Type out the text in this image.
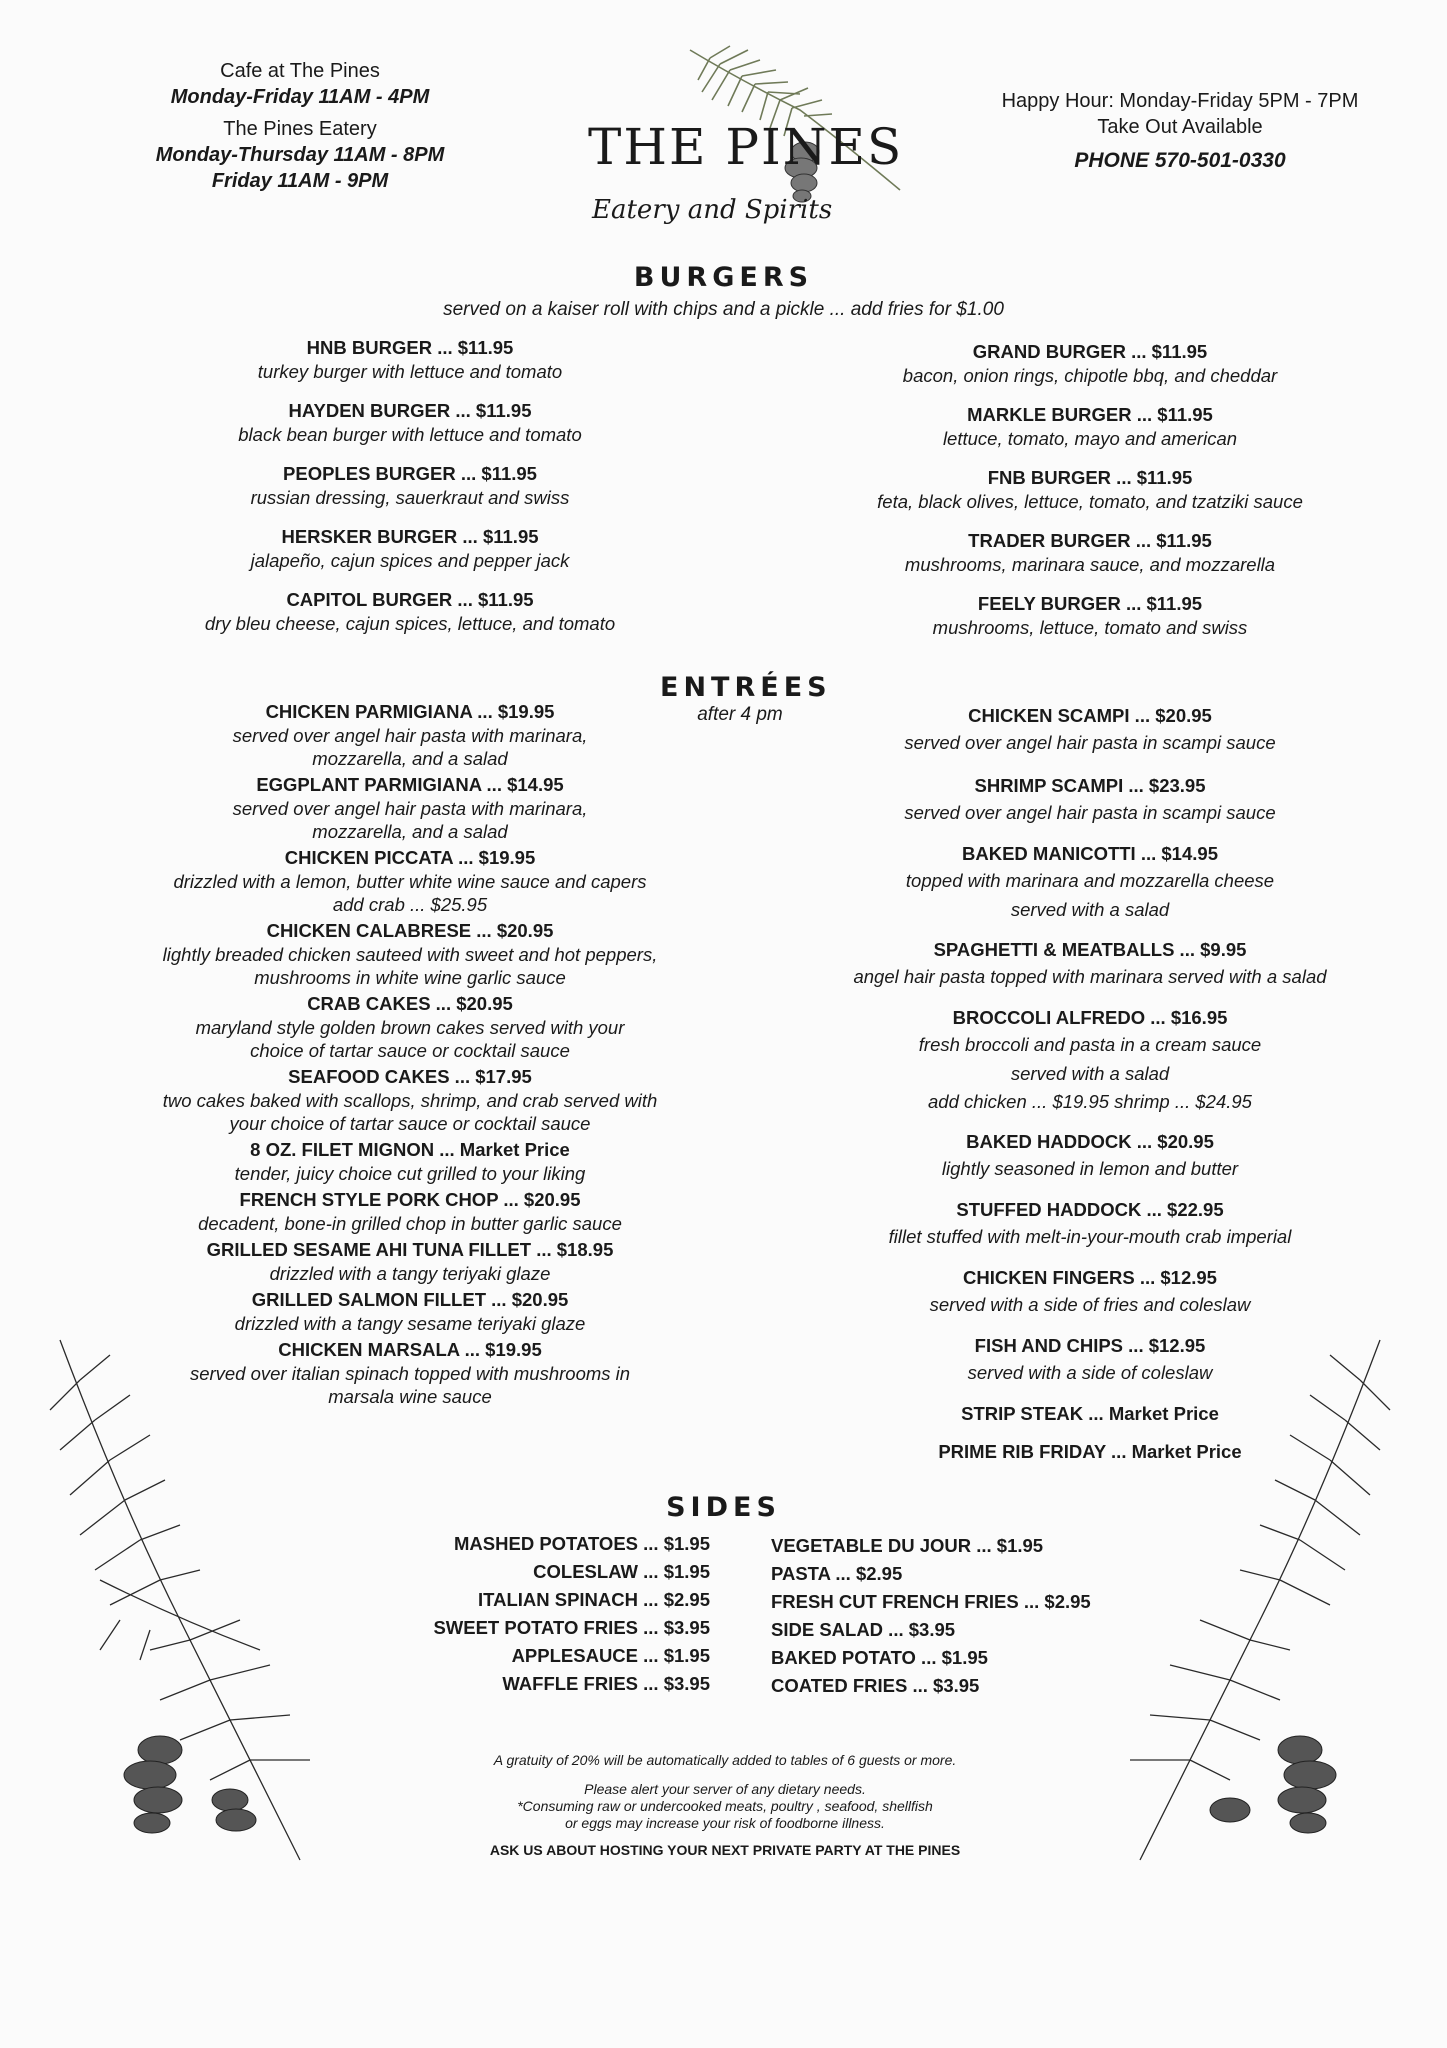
Cafe at The Pines
Monday-Friday 11AM - 4PM
The Pines Eatery
Monday-Thursday 11AM - 8PM
Friday 11AM - 9PM
THE PINES
Eatery and Spirits
Happy Hour: Monday-Friday 5PM - 7PM
Take Out Available
PHONE 570-501-0330
BURGERS
served on a kaiser roll with chips and a pickle ... add fries for $1.00
HNB BURGER ... $11.95
turkey burger with lettuce and tomato
HAYDEN BURGER ... $11.95
black bean burger with lettuce and tomato
PEOPLES BURGER ... $11.95
russian dressing, sauerkraut and swiss
HERSKER BURGER ... $11.95
jalapeño, cajun spices and pepper jack
CAPITOL BURGER ... $11.95
dry bleu cheese, cajun spices, lettuce, and tomato
GRAND BURGER ... $11.95
bacon, onion rings, chipotle bbq, and cheddar
MARKLE BURGER ... $11.95
lettuce, tomato, mayo and american
FNB BURGER ... $11.95
feta, black olives, lettuce, tomato, and tzatziki sauce
TRADER BURGER ... $11.95
mushrooms, marinara sauce, and mozzarella
FEELY BURGER ... $11.95
mushrooms, lettuce, tomato and swiss
ENTRÉES
after 4 pm
CHICKEN PARMIGIANA ... $19.95
served over angel hair pasta with marinara,
mozzarella, and a salad
EGGPLANT PARMIGIANA ... $14.95
served over angel hair pasta with marinara,
mozzarella, and a salad
CHICKEN PICCATA ... $19.95
drizzled with a lemon, butter white wine sauce and capers
add crab ... $25.95
CHICKEN CALABRESE ... $20.95
lightly breaded chicken sauteed with sweet and hot peppers,
mushrooms in white wine garlic sauce
CRAB CAKES ... $20.95
maryland style golden brown cakes served with your
choice of tartar sauce or cocktail sauce
SEAFOOD CAKES ... $17.95
two cakes baked with scallops, shrimp, and crab served with
your choice of tartar sauce or cocktail sauce
8 OZ. FILET MIGNON ... Market Price
tender, juicy choice cut grilled to your liking
FRENCH STYLE PORK CHOP ... $20.95
decadent, bone-in grilled chop in butter garlic sauce
GRILLED SESAME AHI TUNA FILLET ... $18.95
drizzled with a tangy teriyaki glaze
GRILLED SALMON FILLET ... $20.95
drizzled with a tangy sesame teriyaki glaze
CHICKEN MARSALA ... $19.95
served over italian spinach topped with mushrooms in
marsala wine sauce
CHICKEN SCAMPI ... $20.95
served over angel hair pasta in scampi sauce
SHRIMP SCAMPI ... $23.95
served over angel hair pasta in scampi sauce
BAKED MANICOTTI ... $14.95
topped with marinara and mozzarella cheese
served with a salad
SPAGHETTI & MEATBALLS ... $9.95
angel hair pasta topped with marinara served with a salad
BROCCOLI ALFREDO ... $16.95
fresh broccoli and pasta in a cream sauce
served with a salad
add chicken ... $19.95 shrimp ... $24.95
BAKED HADDOCK ... $20.95
lightly seasoned in lemon and butter
STUFFED HADDOCK ... $22.95
fillet stuffed with melt-in-your-mouth crab imperial
CHICKEN FINGERS ... $12.95
served with a side of fries and coleslaw
FISH AND CHIPS ... $12.95
served with a side of coleslaw
STRIP STEAK ... Market Price
PRIME RIB FRIDAY ... Market Price
SIDES
MASHED POTATOES ... $1.95
COLESLAW ... $1.95
ITALIAN SPINACH ... $2.95
SWEET POTATO FRIES ... $3.95
APPLESAUCE ... $1.95
WAFFLE FRIES ... $3.95
VEGETABLE DU JOUR ... $1.95
PASTA ... $2.95
FRESH CUT FRENCH FRIES ... $2.95
SIDE SALAD ... $3.95
BAKED POTATO ... $1.95
COATED FRIES ... $3.95
A gratuity of 20% will be automatically added to tables of 6 guests or more.
Please alert your server of any dietary needs.
*Consuming raw or undercooked meats, poultry , seafood, shellfish
or eggs may increase your risk of foodborne illness.
ASK US ABOUT HOSTING YOUR NEXT PRIVATE PARTY AT THE PINES
